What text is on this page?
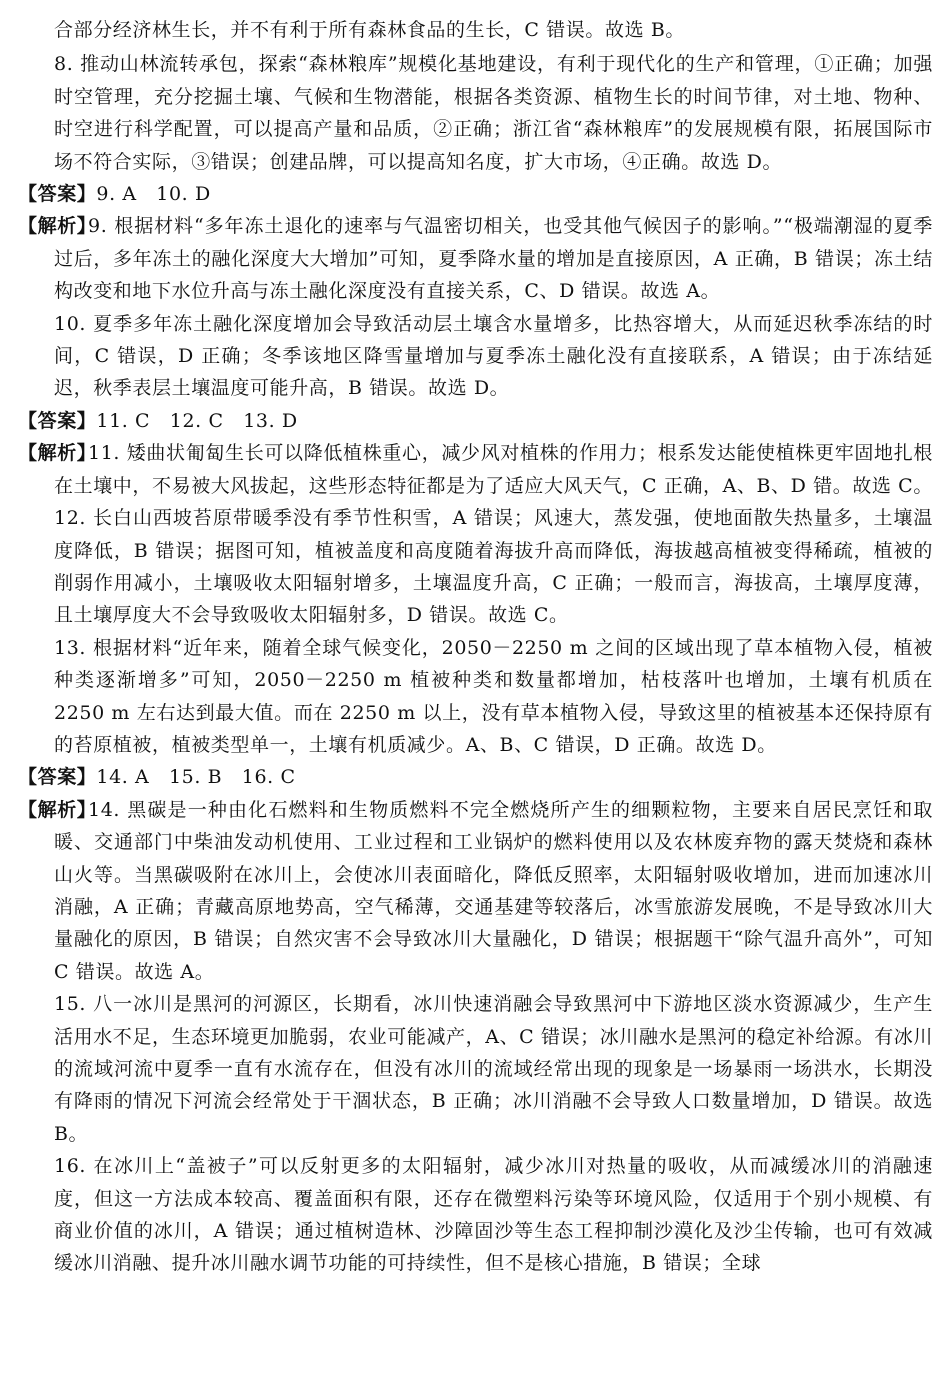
合部分经济林生长，并不有利于所有森林食品的生长，C 错误。故选 B。

8. 推动山林流转承包，探索“森林粮库”规模化基地建设，有利于现代化的生产和管理，①正确；加强时空管理，充分挖掘土壤、气候和生物潜能，根据各类资源、植物生长的时间节律，对土地、物种、时空进行科学配置，可以提高产量和品质，②正确；浙江省“森林粮库”的发展规模有限，拓展国际市场不符合实际，③错误；创建品牌，可以提高知名度，扩大市场，④正确。故选 D。

【答案】9. A　10. D

【解析】9. 根据材料“多年冻土退化的速率与气温密切相关，也受其他气候因子的影响。”“极端潮湿的夏季过后，多年冻土的融化深度大大增加”可知，夏季降水量的增加是直接原因，A 正确，B 错误；冻土结构改变和地下水位升高与冻土融化深度没有直接关系，C、D 错误。故选 A。

10. 夏季多年冻土融化深度增加会导致活动层土壤含水量增多，比热容增大，从而延迟秋季冻结的时间，C 错误，D 正确；冬季该地区降雪量增加与夏季冻土融化没有直接联系，A 错误；由于冻结延迟，秋季表层土壤温度可能升高，B 错误。故选 D。

【答案】11. C　12. C　13. D

【解析】11. 矮曲状匍匐生长可以降低植株重心，减少风对植株的作用力；根系发达能使植株更牢固地扎根在土壤中，不易被大风拔起，这些形态特征都是为了适应大风天气，C 正确，A、B、D 错。故选 C。

12. 长白山西坡苔原带暖季没有季节性积雪，A 错误；风速大，蒸发强，使地面散失热量多，土壤温度降低，B 错误；据图可知，植被盖度和高度随着海拔升高而降低，海拔越高植被变得稀疏，植被的削弱作用减小，土壤吸收太阳辐射增多，土壤温度升高，C 正确；一般而言，海拔高，土壤厚度薄，且土壤厚度大不会导致吸收太阳辐射多，D 错误。故选 C。

13. 根据材料“近年来，随着全球气候变化，2050－2250 m 之间的区域出现了草本植物入侵，植被种类逐渐增多”可知，2050－2250 m 植被种类和数量都增加，枯枝落叶也增加，土壤有机质在 2250 m 左右达到最大值。而在 2250 m 以上，没有草本植物入侵，导致这里的植被基本还保持原有的苔原植被，植被类型单一，土壤有机质减少。A、B、C 错误，D 正确。故选 D。

【答案】14. A　15. B　16. C

【解析】14. 黑碳是一种由化石燃料和生物质燃料不完全燃烧所产生的细颗粒物，主要来自居民烹饪和取暖、交通部门中柴油发动机使用、工业过程和工业锅炉的燃料使用以及农林废弃物的露天焚烧和森林山火等。当黑碳吸附在冰川上，会使冰川表面暗化，降低反照率，太阳辐射吸收增加，进而加速冰川消融，A 正确；青藏高原地势高，空气稀薄，交通基建等较落后，冰雪旅游发展晚，不是导致冰川大量融化的原因，B 错误；自然灾害不会导致冰川大量融化，D 错误；根据题干“除气温升高外”，可知 C 错误。故选 A。

15. 八一冰川是黑河的河源区，长期看，冰川快速消融会导致黑河中下游地区淡水资源减少，生产生活用水不足，生态环境更加脆弱，农业可能减产，A、C 错误；冰川融水是黑河的稳定补给源。有冰川的流域河流中夏季一直有水流存在，但没有冰川的流域经常出现的现象是一场暴雨一场洪水，长期没有降雨的情况下河流会经常处于干涸状态，B 正确；冰川消融不会导致人口数量增加，D 错误。故选 B。

16. 在冰川上“盖被子”可以反射更多的太阳辐射，减少冰川对热量的吸收，从而减缓冰川的消融速度，但这一方法成本较高、覆盖面积有限，还存在微塑料污染等环境风险，仅适用于个别小规模、有商业价值的冰川，A 错误；通过植树造林、沙障固沙等生态工程抑制沙漠化及沙尘传输，也可有效减缓冰川消融、提升冰川融水调节功能的可持续性，但不是核心措施，B 错误；全球
